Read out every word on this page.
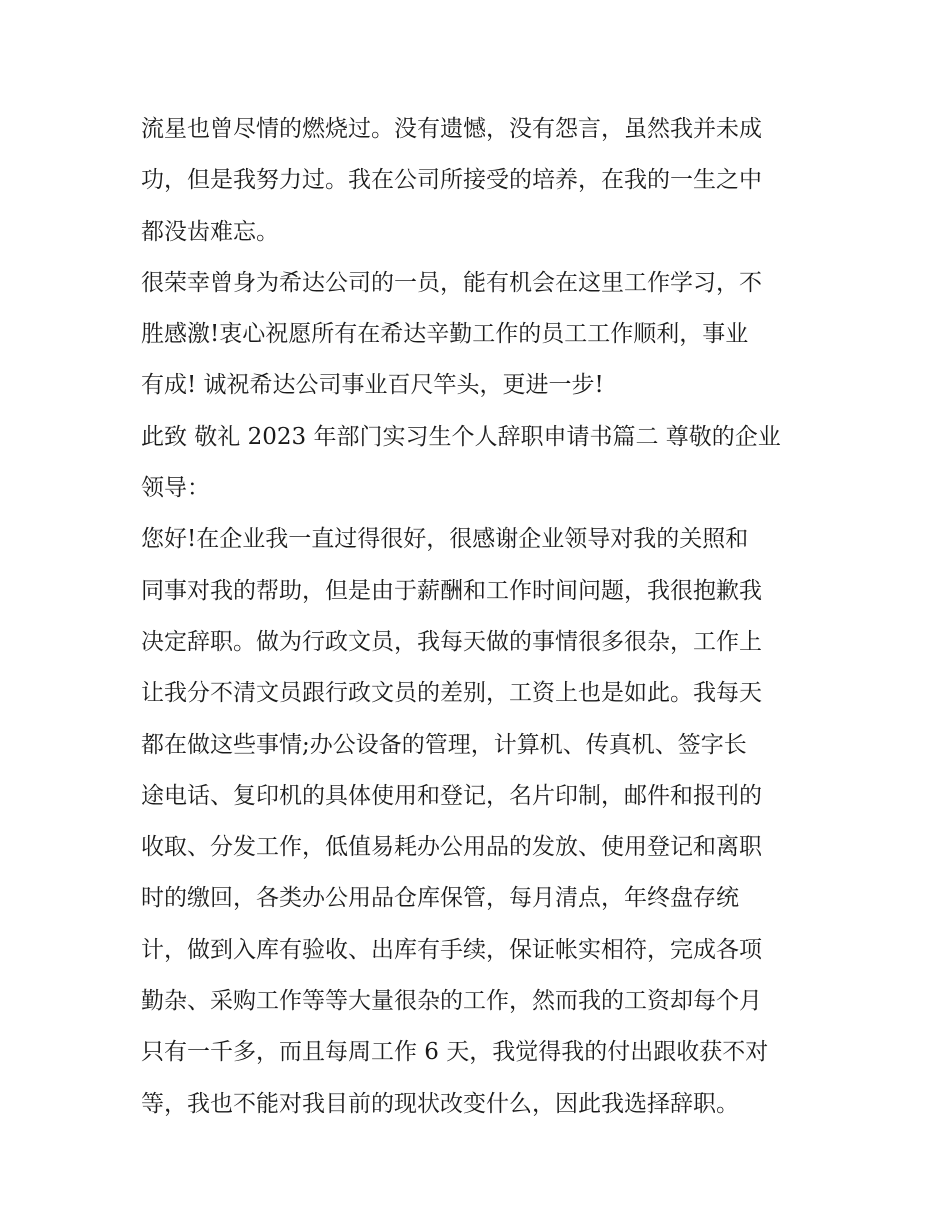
流星也曾尽情的燃烧过。没有遗憾，没有怨言，虽然我并未成
功，但是我努力过。我在公司所接受的培养，在我的一生之中
都没齿难忘。
很荣幸曾身为希达公司的一员，能有机会在这里工作学习，不
胜感激!衷心祝愿所有在希达辛勤工作的员工工作顺利，事业
有成! 诚祝希达公司事业百尺竿头，更进一步!
此致 敬礼 2023 年部门实习生个人辞职申请书篇二 尊敬的企业
领导：
您好!在企业我一直过得很好，很感谢企业领导对我的关照和
同事对我的帮助，但是由于薪酬和工作时间问题，我很抱歉我
决定辞职。做为行政文员，我每天做的事情很多很杂，工作上
让我分不清文员跟行政文员的差别，工资上也是如此。我每天
都在做这些事情;办公设备的管理，计算机、传真机、签字长
途电话、复印机的具体使用和登记，名片印制，邮件和报刊的
收取、分发工作，低值易耗办公用品的发放、使用登记和离职
时的缴回，各类办公用品仓库保管，每月清点，年终盘存统
计，做到入库有验收、出库有手续，保证帐实相符，完成各项
勤杂、采购工作等等大量很杂的工作，然而我的工资却每个月
只有一千多，而且每周工作 6 天，我觉得我的付出跟收获不对
等，我也不能对我目前的现状改变什么，因此我选择辞职。
